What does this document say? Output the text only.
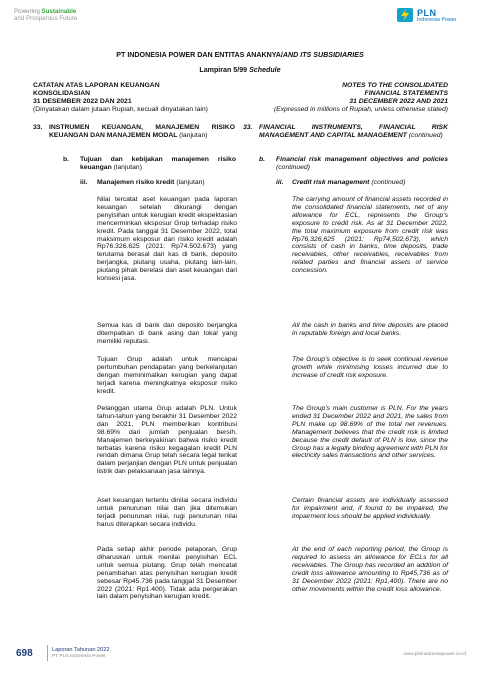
Powering Sustainable
and Prosperous Future
PLN
Indonesia Power
PT INDONESIA POWER DAN ENTITAS ANAKNYA/AND ITS SUBSIDIARIES
Lampiran 5/99 Schedule
CATATAN ATAS LAPORAN KEUANGAN
KONSOLIDASIAN
31 DESEMBER 2022 DAN 2021
(Dinyatakan dalam jutaan Rupiah, kecuali dinyatakan lain)
NOTES TO THE CONSOLIDATED
FINANCIAL STATEMENTS
31 DECEMBER 2022 AND 2021
(Expressed in millions of Rupiah, unless otherwise stated)
33. INSTRUMEN KEUANGAN, MANAJEMEN RISIKO KEUANGAN DAN MANAJEMEN MODAL (lanjutan)
33. FINANCIAL INSTRUMENTS, FINANCIAL RISK MANAGEMENT AND CAPITAL MANAGEMENT (continued)
b. Tujuan dan kebijakan manajemen risiko keuangan (lanjutan)
b. Financial risk management objectives and policies (continued)
iii. Manajemen risiko kredit (lanjutan)	iii. Credit risk management (continued)
Nilai tercatat aset keuangan pada laporan keuangan setelah dikurangi dengan penyisihan untuk kerugian kredit ekspektasian mencerminkan eksposur Grup terhadap risiko kredit. Pada tanggal 31 Desember 2022, total maksimum eksposur dari risiko kredit adalah Rp76.326.625 (2021: Rp74.502.673) yang terutama berasal dari kas di bank, deposito berjangka, piutang usaha, piutang lain-lain, piutang pihak berelasi dan aset keuangan dari konsesi jasa.
Semua kas di bank dan deposito berjangka ditempatkan di bank asing dan lokal yang memiliki reputasi.
Tujuan Grup adalah untuk mencapai pertumbuhan pendapatan yang berkelanjutan dengan meminimalkan kerugian yang dapat terjadi karena meningkatnya eksposur risiko kredit.
Pelanggan utama Grup adalah PLN. Untuk tahun-tahun yang berakhir 31 Desember 2022 dan 2021, PLN memberikan kontribusi 98.69% dari jumlah penjualan bersih. Manajemen berkeyakinan bahwa risiko kredit terbatas karena risiko kegagalan kredit PLN rendah dimana Grup telah secara legal terikat dalam perjanjian dengan PLN untuk penjualan listrik dan pelaksanaan jasa lainnya.
Aset keuangan tertentu dinilai secara individu untuk penurunan nilai dan jika ditemukan terjadi penurunan nilai, rugi penurunan nilai harus diterapkan secara individu.
Pada setiap akhir periode pelaporan, Grup diharuskan untuk menilai penyisihan ECL untuk semua piutang. Grup telah mencatat penambahan atas penyisihan kerugian kredit sebesar Rp45.736 pada tanggal 31 Desember 2022 (2021: Rp1.400). Tidak ada pergerakan lain dalam penyisihan kerugian kredit.
The carrying amount of financial assets recorded in the consolidated financial statements, net of any allowance for ECL, represents the Group's exposure to credit risk. As at 31 December 2022, the total maximum exposure from credit risk was Rp76,326,625 (2021: Rp74,502,673), which consists of cash in banks, time deposits, trade receivables, other receivables, receivables from related parties and financial assets of service concession.
All the cash in banks and time deposits are placed in reputable foreign and local banks.
The Group's objective is to seek continual revenue growth while minimising losses incurred due to increase of credit risk exposure.
The Group's main customer is PLN. For the years ended 31 December 2022 and 2021, the sales from PLN make up 98.69% of the total net revenues. Management believes that the credit risk is limited because the credit default of PLN is low, since the Group has a legally binding agreement with PLN for electricity sales transactions and other services.
Certain financial assets are individually assessed for impairment and, if found to be impaired, the impairment loss should be applied individually.
At the end of each reporting period, the Group is required to assess an allowance for ECLs for all receivables. The Group has recorded an addition of credit loss allowance amounting to Rp45,736 as of 31 December 2022 (2021: Rp1,400). There are no other movements within the credit loss allowance.
698	Laporan Tahunan 2022
PT PLN Indonesia Power	www.plnindonesiapower.co.id
